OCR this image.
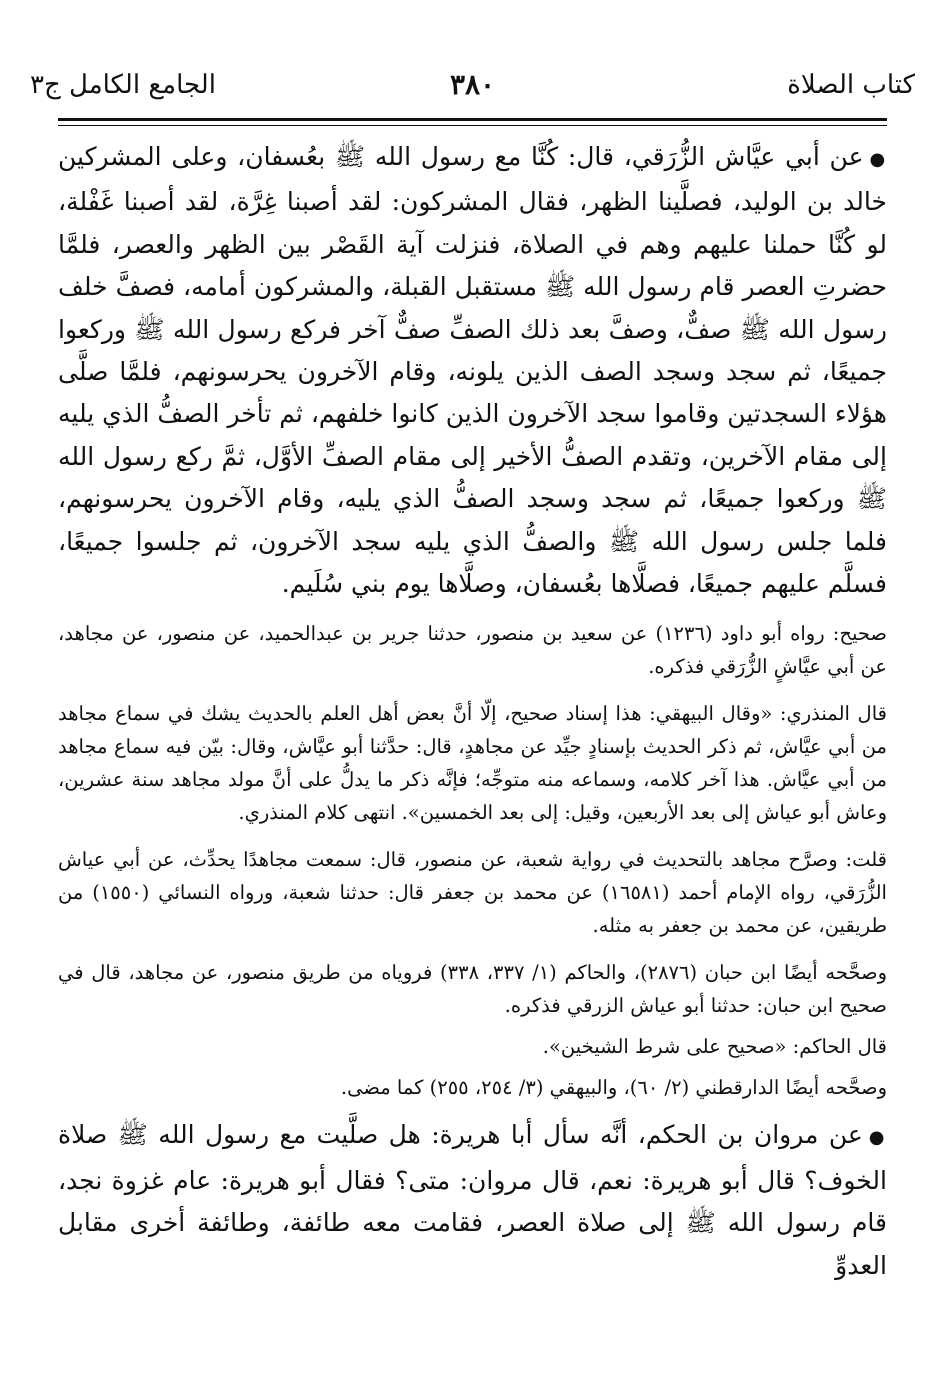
كتاب الصلاة
٣٨٠
الجامع الكامل ج٣

●عن أبي عيَّاش الزُّرَقي، قال: كُنَّا مع رسول الله ﷺ بعُسفان، وعلى المشركين خالد بن الوليد، فصلَّينا الظهر، فقال المشركون: لقد أصبنا غِرَّة، لقد أصبنا غَفْلة، لو كُنَّا حملنا عليهم وهم في الصلاة، فنزلت آية القَصْر بين الظهر والعصر، فلمَّا حضرتِ العصر قام رسول الله ﷺ مستقبل القبلة، والمشركون أمامه، فصفَّ خلف رسول الله ﷺ صفٌّ، وصفَّ بعد ذلك الصفِّ صفٌّ آخر فركع رسول الله ﷺ وركعوا جميعًا، ثم سجد وسجد الصف الذين يلونه، وقام الآخرون يحرسونهم، فلمَّا صلَّى هؤلاء السجدتين وقاموا سجد الآخرون الذين كانوا خلفهم، ثم تأخر الصفُّ الذي يليه إلى مقام الآخرين، وتقدم الصفُّ الأخير إلى مقام الصفِّ الأوَّل، ثمَّ ركع رسول الله ﷺ وركعوا جميعًا، ثم سجد وسجد الصفُّ الذي يليه، وقام الآخرون يحرسونهم، فلما جلس رسول الله ﷺ والصفُّ الذي يليه سجد الآخرون، ثم جلسوا جميعًا، فسلَّم عليهم جميعًا، فصلَّاها بعُسفان، وصلَّاها يوم بني سُلَيم.

صحيح: رواه أبو داود (١٢٣٦) عن سعيد بن منصور، حدثنا جرير بن عبدالحميد، عن منصور، عن مجاهد، عن أبي عيَّاشٍ الزُّرَقي فذكره.

قال المنذري: «وقال البيهقي: هذا إسناد صحيح، إلّا أنَّ بعض أهل العلم بالحديث يشك في سماع مجاهد من أبي عيَّاش، ثم ذكر الحديث بإسنادٍ جيِّد عن مجاهدٍ، قال: حدَّثنا أبو عيَّاش، وقال: بيّن فيه سماع مجاهد من أبي عيَّاش. هذا آخر كلامه، وسماعه منه متوجِّه؛ فإنَّه ذكر ما يدلُّ على أنَّ مولد مجاهد سنة عشرين، وعاش أبو عياش إلى بعد الأربعين، وقيل: إلى بعد الخمسين». انتهى كلام المنذري.

قلت: وصرَّح مجاهد بالتحديث في رواية شعبة، عن منصور، قال: سمعت مجاهدًا يحدِّث، عن أبي عياش الزُّرَقي، رواه الإمام أحمد (١٦٥٨١) عن محمد بن جعفر قال: حدثنا شعبة، ورواه النسائي (١٥٥٠) من طريقين، عن محمد بن جعفر به مثله.

وصحَّحه أيضًا ابن حبان (٢٨٧٦)، والحاكم (١/ ٣٣٧، ٣٣٨) فروياه من طريق منصور، عن مجاهد، قال في صحيح ابن حبان: حدثنا أبو عياش الزرقي فذكره.

قال الحاكم: «صحيح على شرط الشيخين».

وصحَّحه أيضًا الدارقطني (٢/ ٦٠)، والبيهقي (٣/ ٢٥٤، ٢٥٥) كما مضى.

●عن مروان بن الحكم، أنَّه سأل أبا هريرة: هل صلَّيت مع رسول الله ﷺ صلاة الخوف؟ قال أبو هريرة: نعم، قال مروان: متى؟ فقال أبو هريرة: عام غزوة نجد، قام رسول الله ﷺ إلى صلاة العصر، فقامت معه طائفة، وطائفة أخرى مقابل العدوِّ
